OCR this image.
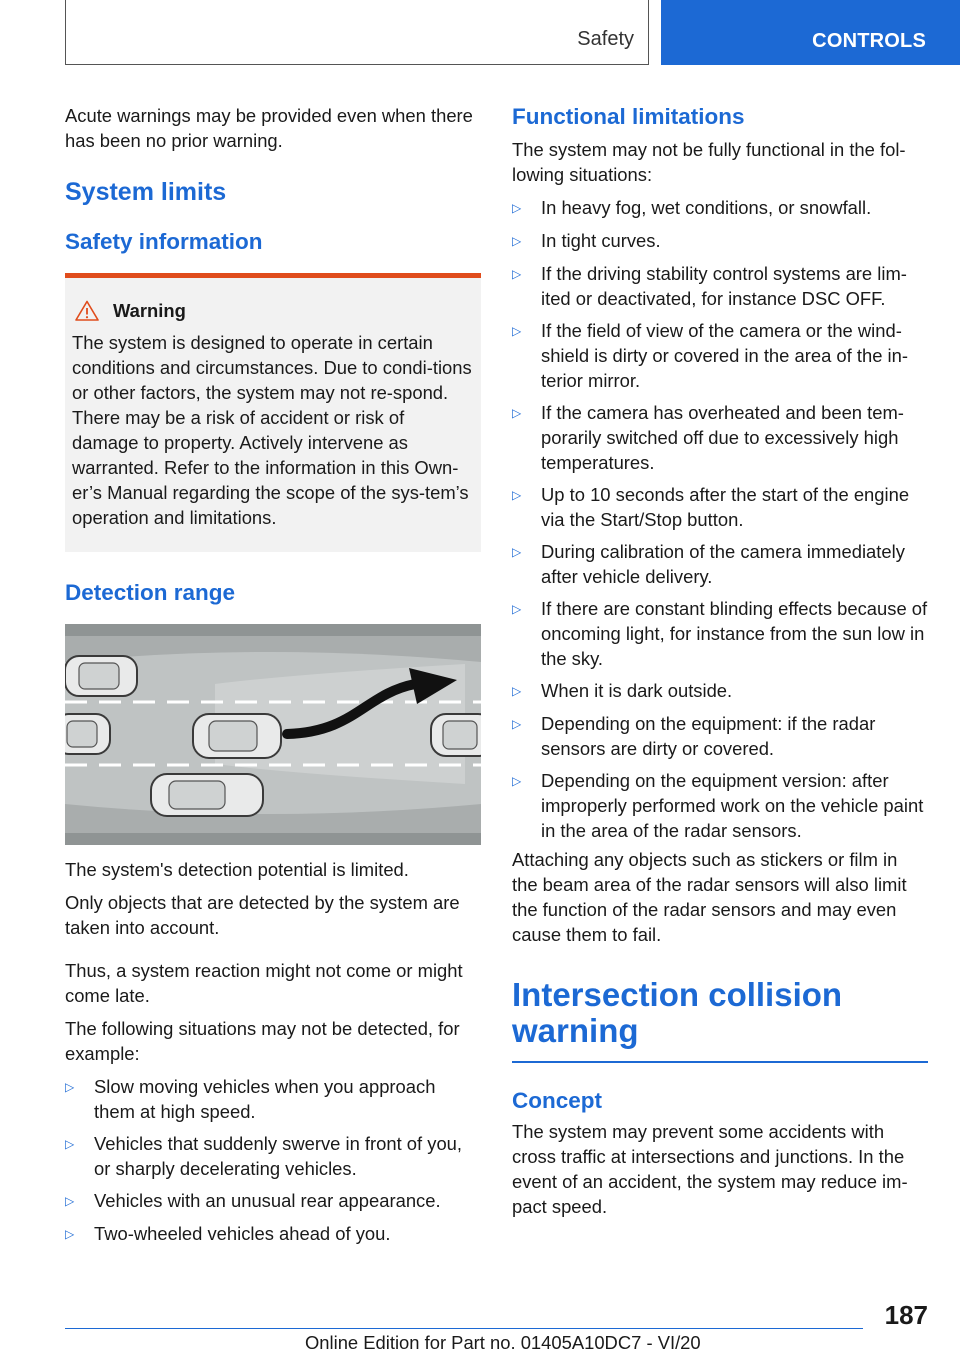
Safety	CONTROLS

Acute warnings may be provided even when there has been no prior warning.

System limits
Safety information
Warning

The system is designed to operate in certain conditions and circumstances. Due to condi-tions or other factors, the system may not re-spond. There may be a risk of accident or risk of damage to property. Actively intervene as warranted. Refer to the information in this Own-er’s Manual regarding the scope of the sys-tem’s operation and limitations.

Detection range

The system's detection potential is limited.

Only objects that are detected by the system are taken into account.

Thus, a system reaction might not come or might come late.

The following situations may not be detected, for example:

▷	Slow moving vehicles when you approach them at high speed.
▷	Vehicles that suddenly swerve in front of you, or sharply decelerating vehicles.
▷	Vehicles with an unusual rear appearance.
▷	Two-wheeled vehicles ahead of you.
Functional limitations

The system may not be fully functional in the fol-lowing situations:

▷	In heavy fog, wet conditions, or snowfall.
▷	In tight curves.
▷	If the driving stability control systems are lim-ited or deactivated, for instance DSC OFF.
▷	If the field of view of the camera or the wind-shield is dirty or covered in the area of the in-terior mirror.
▷	If the camera has overheated and been tem-porarily switched off due to excessively high temperatures.
▷	Up to 10 seconds after the start of the engine via the Start/Stop button.
▷	During calibration of the camera immediately after vehicle delivery.
▷	If there are constant blinding effects because of oncoming light, for instance from the sun low in the sky.
▷	When it is dark outside.
▷	Depending on the equipment: if the radar sensors are dirty or covered.
▷	Depending on the equipment version: after improperly performed work on the vehicle paint in the area of the radar sensors.

Attaching any objects such as stickers or film in the beam area of the radar sensors will also limit the function of the radar sensors and may even cause them to fail.

Intersection collision warning
Concept

The system may prevent some accidents with cross traffic at intersections and junctions. In the event of an accident, the system may reduce im-pact speed.

187
Online Edition for Part no. 01405A10DC7 - VI/20
